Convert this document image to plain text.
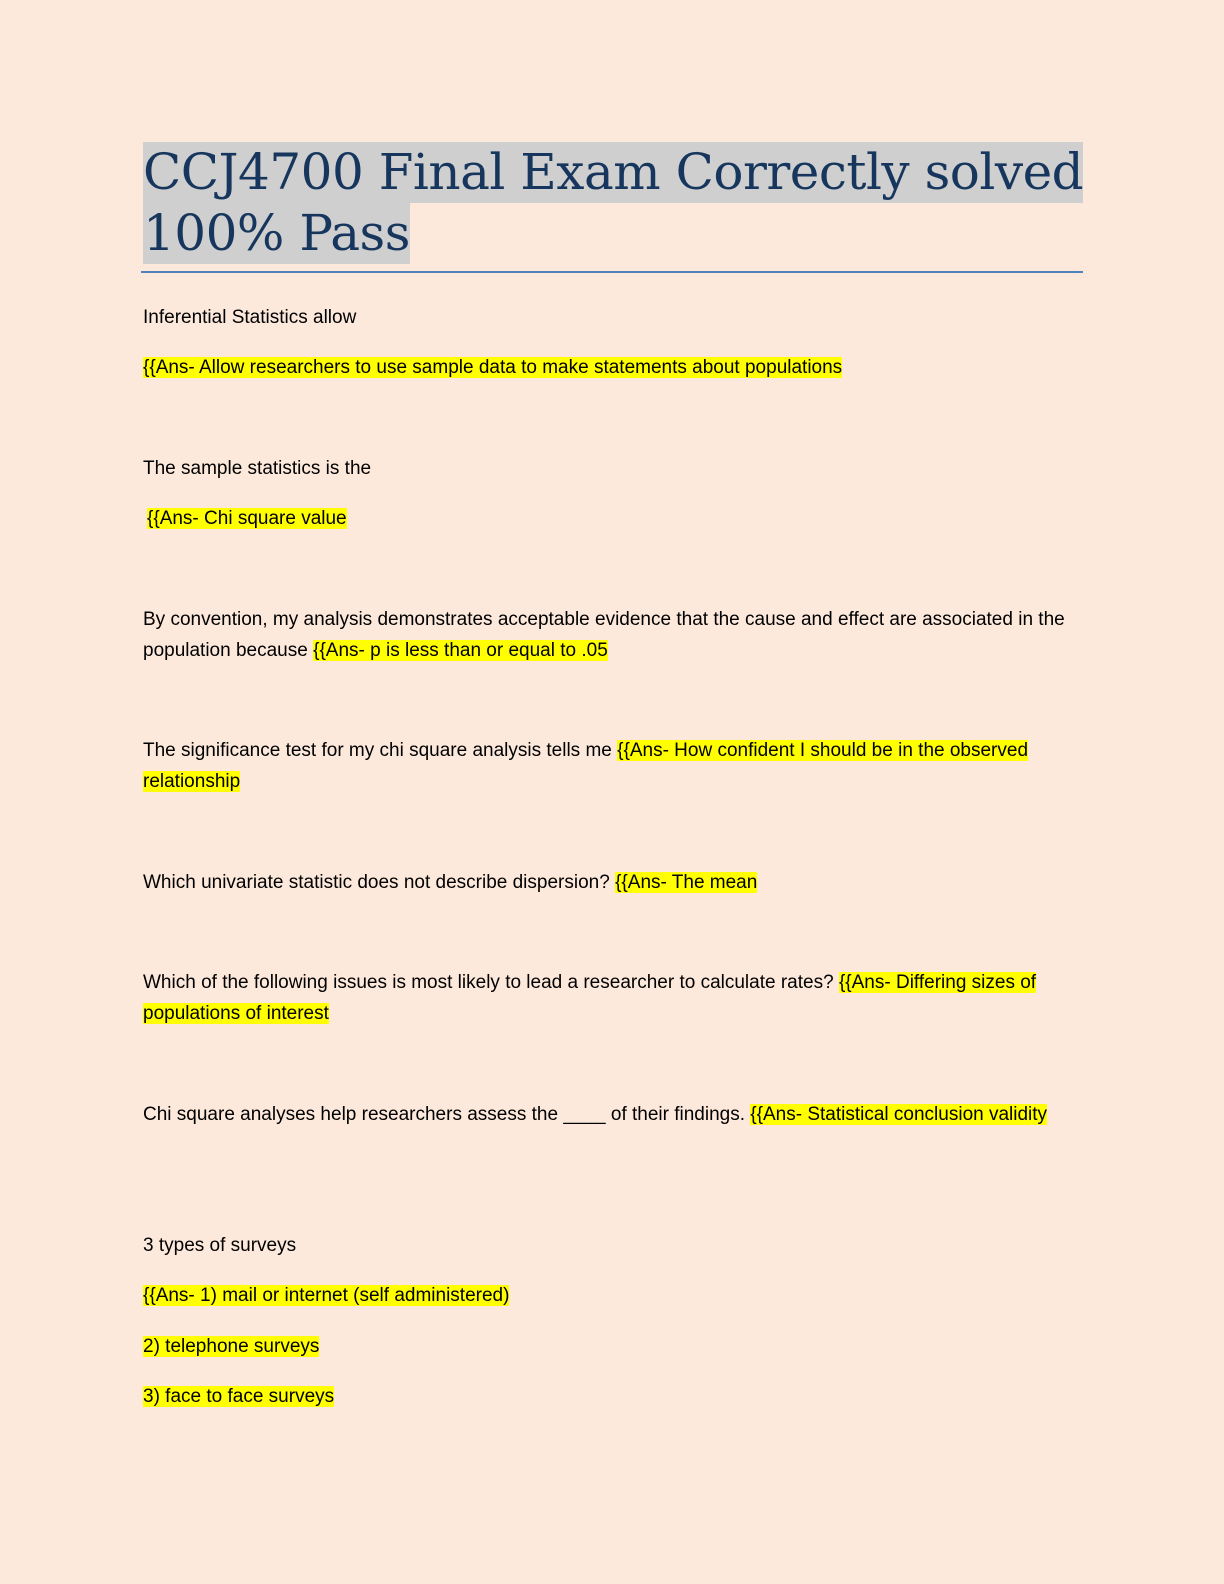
CCJ4700 Final Exam Correctly solved
100% Pass
Inferential Statistics allow
{{Ans- Allow researchers to use sample data to make statements about populations
The sample statistics is the
{{Ans- Chi square value
By convention, my analysis demonstrates acceptable evidence that the cause and effect are associated in the population because {{Ans- p is less than or equal to .05
The significance test for my chi square analysis tells me {{Ans- How confident I should be in the observed relationship
Which univariate statistic does not describe dispersion? {{Ans- The mean
Which of the following issues is most likely to lead a researcher to calculate rates? {{Ans- Differing sizes of populations of interest
Chi square analyses help researchers assess the ____ of their findings. {{Ans- Statistical conclusion validity
3 types of surveys
{{Ans- 1) mail or internet (self administered)
2) telephone surveys
3) face to face surveys
